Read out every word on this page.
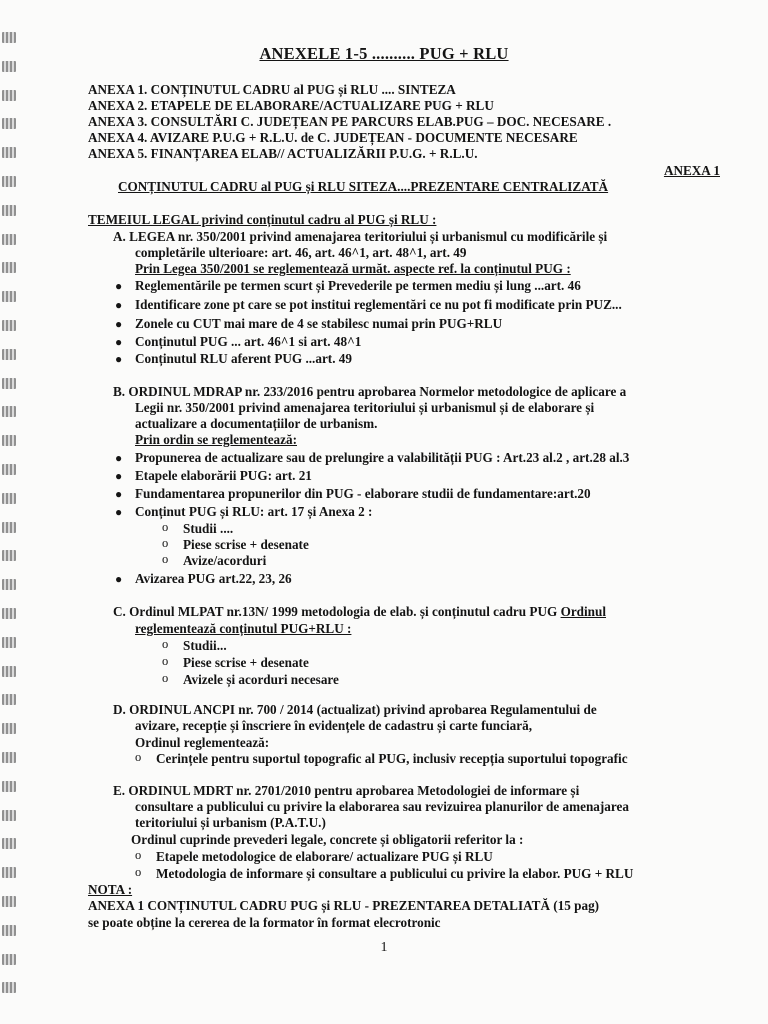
ANEXELE 1-5 .......... PUG + RLU
ANEXA 1. CONȚINUTUL CADRU al PUG și RLU .... SINTEZA
ANEXA 2. ETAPELE DE ELABORARE/ACTUALIZARE PUG + RLU
ANEXA 3. CONSULTĂRI C. JUDEȚEAN PE PARCURS ELAB.PUG – DOC. NECESARE .
ANEXA 4. AVIZARE P.U.G + R.L.U. de C. JUDEȚEAN - DOCUMENTE NECESARE
ANEXA 5. FINANȚAREA ELAB// ACTUALIZĂRII P.U.G. + R.L.U.
ANEXA 1
CONȚINUTUL CADRU al PUG și RLU SITEZA....PREZENTARE CENTRALIZATĂ
TEMEIUL LEGAL privind conținutul cadru al PUG și RLU :
A. LEGEA nr. 350/2001 privind amenajarea teritoriului și urbanismul cu modificările și
completările ulterioare: art. 46, art. 46^1, art. 48^1, art. 49
Prin Legea 350/2001 se reglementează următ. aspecte ref. la conținutul PUG :
● Reglementările pe termen scurt și Prevederile pe termen mediu și lung ...art. 46
● Identificare zone pt care se pot institui reglementări ce nu pot fi modificate prin PUZ...
● Zonele cu CUT mai mare de 4 se stabilesc numai prin PUG+RLU
● Conținutul PUG ... art. 46^1 si art. 48^1
● Conținutul RLU aferent PUG ...art. 49
B. ORDINUL MDRAP nr. 233/2016 pentru aprobarea Normelor metodologice de aplicare a
Legii nr. 350/2001 privind amenajarea teritoriului și urbanismul și de elaborare și
actualizare a documentațiilor de urbanism.
Prin ordin se reglementează:
● Propunerea de actualizare sau de prelungire a valabilității PUG : Art.23 al.2 , art.28 al.3
● Etapele elaborării PUG: art. 21
● Fundamentarea propunerilor din PUG - elaborare studii de fundamentare:art.20
● Conținut PUG și RLU: art. 17 și Anexa 2 :
o Studii ....
o Piese scrise + desenate
o Avize/acorduri
● Avizarea PUG art.22, 23, 26
C. Ordinul MLPAT nr.13N/ 1999 metodologia de elab. și conținutul cadru PUG Ordinul
reglementează conținutul PUG+RLU :
o Studii...
o Piese scrise + desenate
o Avizele și acorduri necesare
D. ORDINUL ANCPI nr. 700 / 2014 (actualizat) privind aprobarea Regulamentului de
avizare, recepție și înscriere în evidențele de cadastru și carte funciară,
Ordinul reglementează:
o Cerințele pentru suportul topografic al PUG, inclusiv recepția suportului topografic
E. ORDINUL MDRT nr. 2701/2010 pentru aprobarea Metodologiei de informare și
consultare a publicului cu privire la elaborarea sau revizuirea planurilor de amenajarea
teritoriului și urbanism (P.A.T.U.)
Ordinul cuprinde prevederi legale, concrete și obligatorii referitor la :
o Etapele metodologice de elaborare/ actualizare PUG și RLU
o Metodologia de informare și consultare a publicului cu privire la elabor. PUG + RLU
NOTA :
ANEXA 1 CONȚINUTUL CADRU PUG și RLU - PREZENTAREA DETALIATĂ (15 pag)
se poate obține la cererea de la formator în format elecrotronic
1
